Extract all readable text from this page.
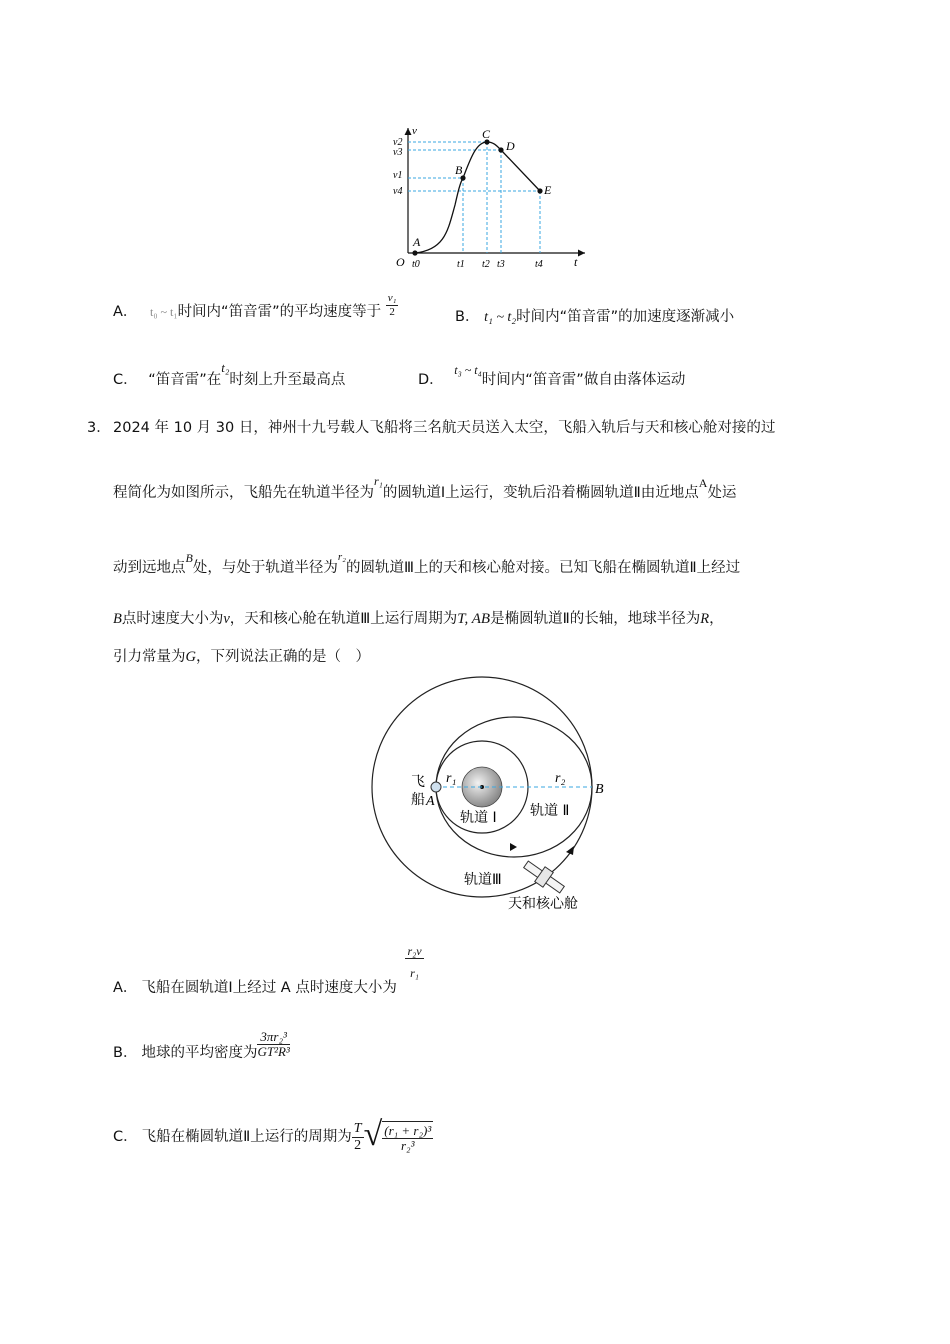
v
t
O
v2
v3
v1
v4
t0	t1 t2 t3	t4
A
B
C
D
E
A． t₀ ~ t₁时间内“笛音雷”的平均速度等于 $\frac{\text{v₁}}{2}$	B． t₁ ~ t₂时间内“笛音雷”的加速度逐渐减小
C． “笛音雷”在t₂时刻上升至最高点	D． $^{t_3 \sim t_4}$时间内“笛音雷”做自由落体运动
3． 2024 年 10 月 30 日，神州十九号载人飞船将三名航天员送入太空，飞船入轨后与天和核心舱对接的过
程简化为如图所示，飞船先在轨道半径为$^{r_1}$的圆轨道Ⅰ上运行，变轨后沿着椭圆轨道Ⅱ由近地点$^A$处运
动到远地点$^B$处，与处于轨道半径为$^{r_2}$的圆轨道Ⅲ上的天和核心舱对接。已知飞船在椭圆轨道Ⅱ上经过
B点时速度大小为v，天和核心舱在轨道Ⅲ上运行周期为T, AB是椭圆轨道Ⅱ的长轴，地球半径为R，
引力常量为G，下列说法正确的是（　）
飞
船 A
B
r₁	r₂
轨道 Ⅰ 轨道 Ⅱ
轨道Ⅲ
天和核心舱
A． 飞船在圆轨道Ⅰ上经过 A 点时速度大小为
$\frac{\text{r₂v}}{\text{r₁}}$
B． 地球的平均密度为 $\frac{\text{3πr₂³}}{\text{GT²R³}}$
C． 飞船在椭圆轨道Ⅱ上运行的周期为 $\frac{T}{2}$ √ $\frac{\text{(r₁ + r₂)³}}{\text{r₂³}}$
